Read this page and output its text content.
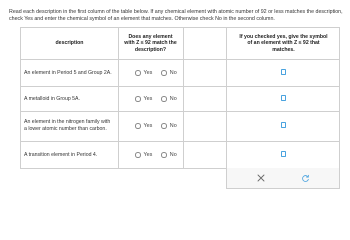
Read each description in the first column of the table below. If any chemical element with atomic number of 92 or less matches the description, check Yes and enter the chemical symbol of an element that matches. Otherwise check No in the second column.
description
Does any element with Z ≤ 92 match the description?
If you checked yes, give the symbol of an element with Z ≤ 92 that matches.
An element in Period 5 and Group 2A.	Yes	No
A metalloid in Group 5A.	Yes	No
An element in the nitrogen family with a lower atomic number than carbon.	Yes	No
A transition element in Period 4.	Yes	No
